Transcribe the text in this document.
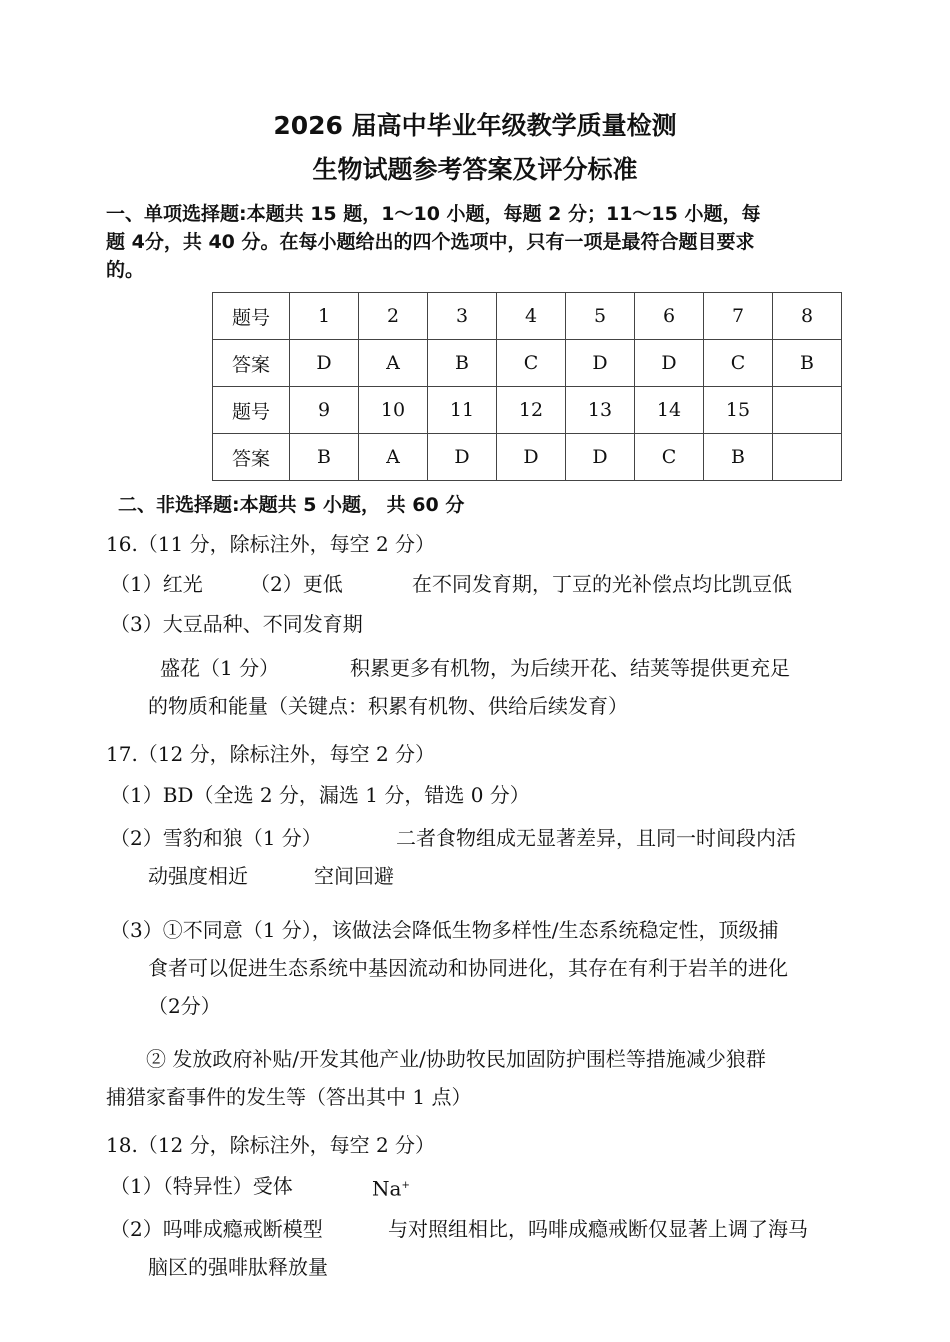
2026 届高中毕业年级教学质量检测
生物试题参考答案及评分标准
一、单项选择题:本题共 15 题，1～10 小题，每题 2 分；11～15 小题，每
题 4分，共 40 分。在每小题给出的四个选项中，只有一项是最符合题目要求
的。
题号	1	2	3	4	5	6	7	8
答案	D	A	B	C	D	D	C	B
题号	9	10	11	12	13	14	15	
答案	B	A	D	D	D	C	B	
二、非选择题:本题共 5 小题， 共 60 分
16.（11 分，除标注外，每空 2 分）
（1）红光 （2）更低	在不同发育期，丁豆的光补偿点均比凯豆低
（3）大豆品种、不同发育期
盛花（1 分）	积累更多有机物，为后续开花、结荚等提供更充足
的物质和能量（关键点：积累有机物、供给后续发育）
17.（12 分，除标注外，每空 2 分）
（1）BD（全选 2 分，漏选 1 分，错选 0 分）
（2）雪豹和狼（1 分）	二者食物组成无显著差异，且同一时间段内活
动强度相近	空间回避
（3）①不同意（1 分），该做法会降低生物多样性/生态系统稳定性，顶级捕
食者可以促进生态系统中基因流动和协同进化，其存在有利于岩羊的进化
（2分）
② 发放政府补贴/开发其他产业/协助牧民加固防护围栏等措施减少狼群
捕猎家畜事件的发生等（答出其中 1 点）
18.（12 分，除标注外，每空 2 分）
（1）（特异性）受体	Na+
（2）吗啡成瘾戒断模型	与对照组相比，吗啡成瘾戒断仅显著上调了海马
脑区的强啡肽释放量
